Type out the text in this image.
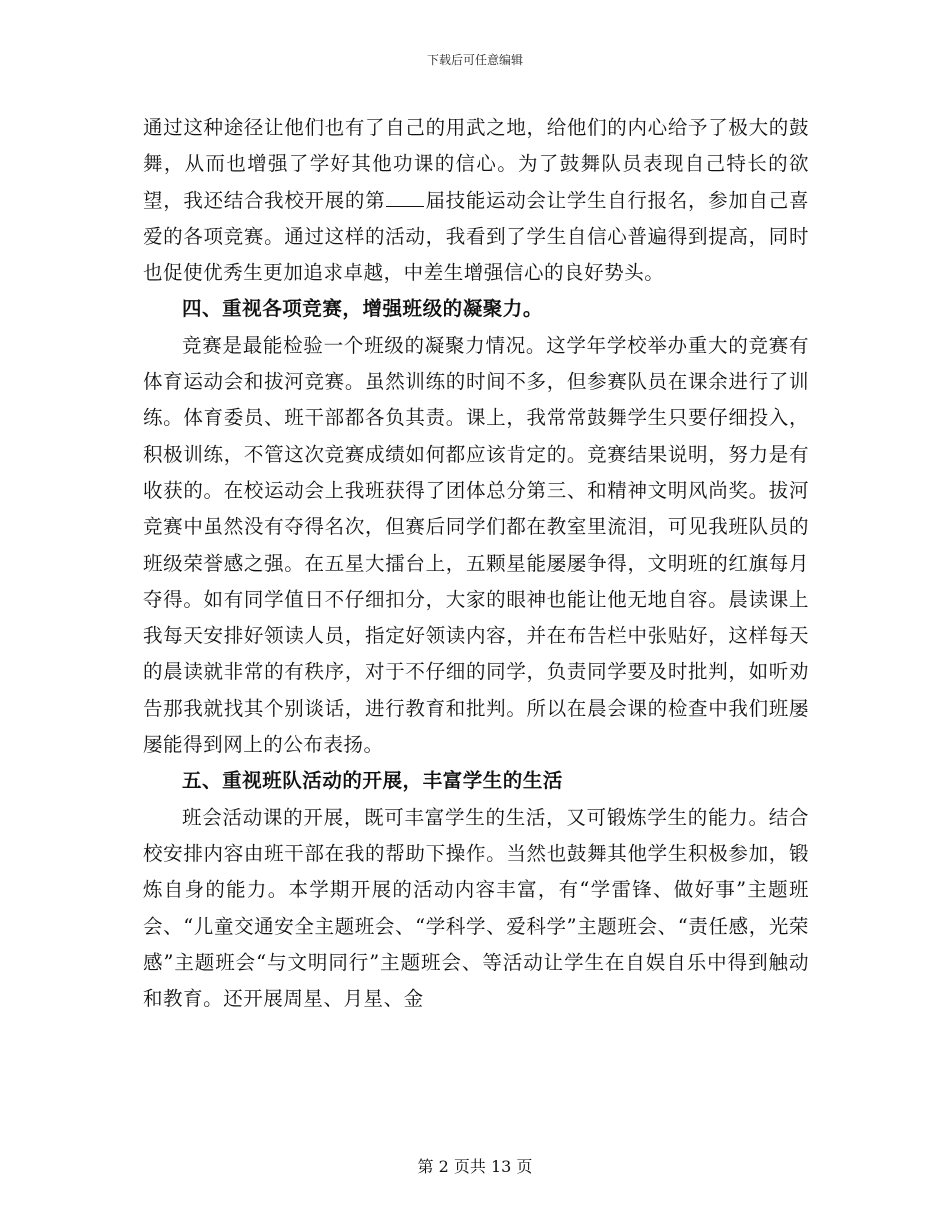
下载后可任意编辑

通过这种途径让他们也有了自己的用武之地，给他们的内心给予了极大的鼓舞，从而也增强了学好其他功课的信心。为了鼓舞队员表现自己特长的欲望，我还结合我校开展的第 届技能运动会让学生自行报名，参加自己喜爱的各项竞赛。通过这样的活动，我看到了学生自信心普遍得到提高，同时也促使优秀生更加追求卓越，中差生增强信心的良好势头。

四、重视各项竞赛，增强班级的凝聚力。

竞赛是最能检验一个班级的凝聚力情况。这学年学校举办重大的竞赛有体育运动会和拔河竞赛。虽然训练的时间不多，但参赛队员在课余进行了训练。体育委员、班干部都各负其责。课上，我常常鼓舞学生只要仔细投入，积极训练，不管这次竞赛成绩如何都应该肯定的。竞赛结果说明，努力是有收获的。在校运动会上我班获得了团体总分第三、和精神文明风尚奖。拔河竞赛中虽然没有夺得名次，但赛后同学们都在教室里流泪，可见我班队员的班级荣誉感之强。在五星大擂台上，五颗星能屡屡争得，文明班的红旗每月夺得。如有同学值日不仔细扣分，大家的眼神也能让他无地自容。晨读课上我每天安排好领读人员，指定好领读内容，并在布告栏中张贴好，这样每天的晨读就非常的有秩序，对于不仔细的同学，负责同学要及时批判，如听劝告那我就找其个别谈话，进行教育和批判。所以在晨会课的检查中我们班屡屡能得到网上的公布表扬。

五、重视班队活动的开展，丰富学生的生活

班会活动课的开展，既可丰富学生的生活，又可锻炼学生的能力。结合校安排内容由班干部在我的帮助下操作。当然也鼓舞其他学生积极参加，锻炼自身的能力。本学期开展的活动内容丰富，有“学雷锋、做好事”主题班会、“儿童交通安全主题班会、“学科学、爱科学”主题班会、“责任感，光荣感”主题班会“与文明同行”主题班会、等活动让学生在自娱自乐中得到触动和教育。还开展周星、月星、金

第 2 页共 13 页
